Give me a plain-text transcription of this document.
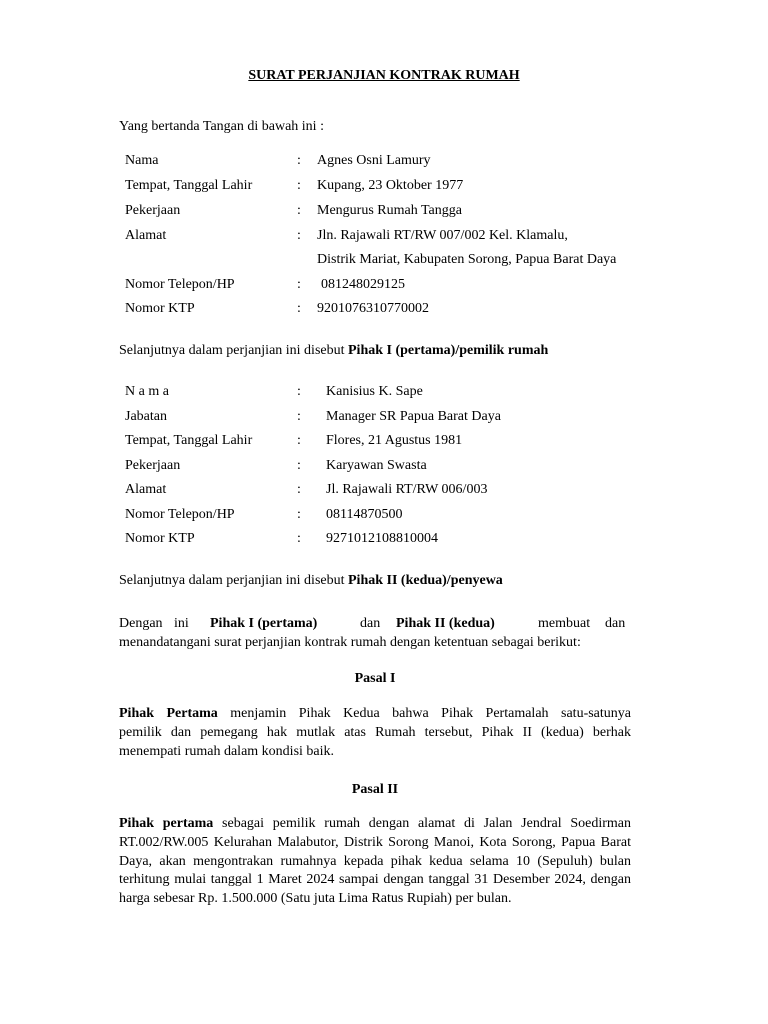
SURAT PERJANJIAN KONTRAK RUMAH
Yang bertanda Tangan di bawah ini :
Nama	: Agnes Osni Lamury
Tempat, Tanggal Lahir	: Kupang, 23 Oktober 1977
Pekerjaan	: Mengurus Rumah Tangga
Alamat	: Jln. Rajawali RT/RW 007/002 Kel. Klamalu,
Distrik Mariat, Kabupaten Sorong, Papua Barat Daya
Nomor Telepon/HP	: 081248029125
Nomor KTP	: 9201076310770002
Selanjutnya dalam perjanjian ini disebut Pihak I (pertama)/pemilik rumah
N a m a	: Kanisius K. Sape
Jabatan	: Manager SR Papua Barat Daya
Tempat, Tanggal Lahir	: Flores, 21 Agustus 1981
Pekerjaan	: Karyawan Swasta
Alamat	: Jl. Rajawali RT/RW 006/003
Nomor Telepon/HP	: 08114870500
Nomor KTP	: 9271012108810004
Selanjutnya dalam perjanjian ini disebut Pihak II (kedua)/penyewa
Dengan ini Pihak I (pertama)	dan Pihak II (kedua)	membuat dan
menandatangani surat perjanjian kontrak rumah dengan ketentuan sebagai berikut:
Pasal I
Pihak Pertama menjamin Pihak Kedua bahwa Pihak Pertamalah satu-satunya
pemilik dan pemegang hak mutlak atas Rumah tersebut, Pihak II (kedua) berhak
menempati rumah dalam kondisi baik.
Pasal II
Pihak pertama sebagai pemilik rumah dengan alamat di Jalan Jendral Soedirman
RT.002/RW.005 Kelurahan Malabutor, Distrik Sorong Manoi, Kota Sorong, Papua Barat
Daya, akan mengontrakan rumahnya kepada pihak kedua selama 10 (Sepuluh) bulan
terhitung mulai tanggal 1 Maret 2024 sampai dengan tanggal 31 Desember 2024, dengan
harga sebesar Rp. 1.500.000 (Satu juta Lima Ratus Rupiah) per bulan.
